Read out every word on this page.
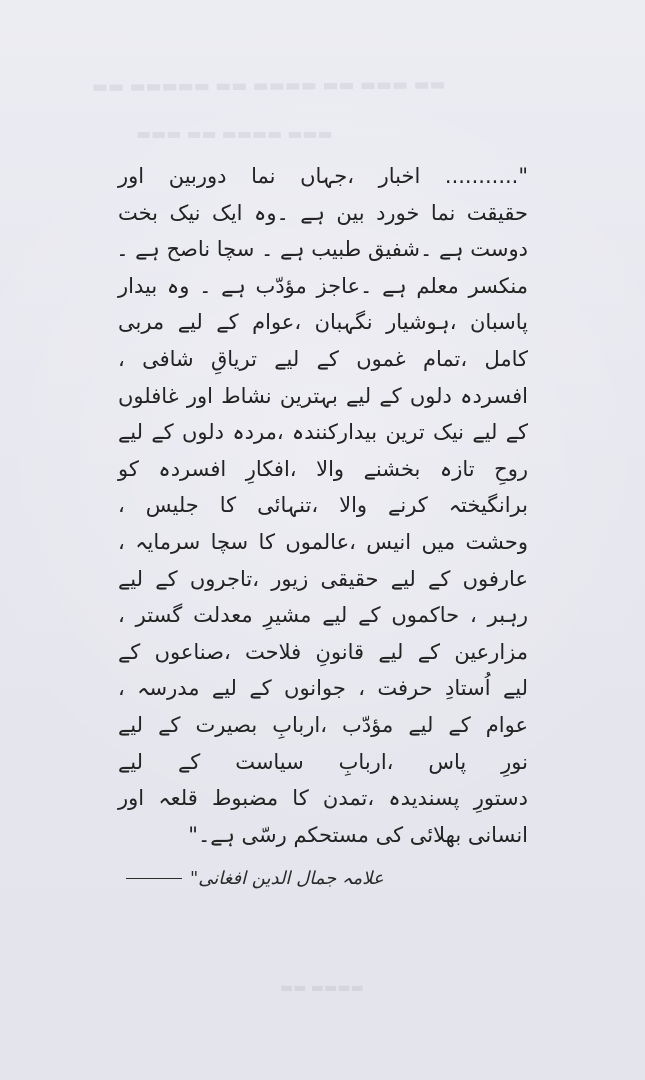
▬▬ ▬▬▬ ▬▬ ▬▬▬▬ ▬▬ ▬▬▬▬▬ ▬▬
▬▬▬ ▬▬▬▬ ▬▬ ▬▬▬
▬▬▬▬ ▬▬
"........... اخبار ،جہاں نما دوربین اور
حقیقت نما خورد بین ہے ۔وہ ایک نیک بخت
دوست ہے ۔شفیق طبیب ہے ۔ سچا ناصح ہے ۔
منکسر معلم ہے ۔عاجز مؤدّب ہے ۔ وہ بیدار
پاسبان ،ہوشیار نگہبان ،عوام کے لیے مربی
کامل ،تمام غموں کے لیے تریاقِ شافی ،
افسردہ دلوں کے لیے بہترین نشاط اور غافلوں
کے لیے نیک ترین بیدارکنندہ ،مردہ دلوں کے لیے
روحِ تازہ بخشنے والا ،افکارِ افسردہ کو
برانگیختہ کرنے والا ،تنہائی کا جلیس ،
وحشت میں انیس ،عالموں کا سچا سرمایہ ،
عارفوں کے لیے حقیقی زیور ،تاجروں کے لیے
رہبر ، حاکموں کے لیے مشیرِ معدلت گستر ،
مزارعین کے لیے قانونِ فلاحت ،صناعوں کے
لیے اُستادِ حرفت ، جوانوں کے لیے مدرسہ ،
عوام کے لیے مؤدّب ،اربابِ بصیرت کے لیے
نورِ پاس ،اربابِ سیاست کے لیے
دستورِ پسندیدہ ،تمدن کا مضبوط قلعہ اور
انسانی بھلائی کی مستحکم رسّی ہے۔"
علامہ جمال الدین افغانی"
